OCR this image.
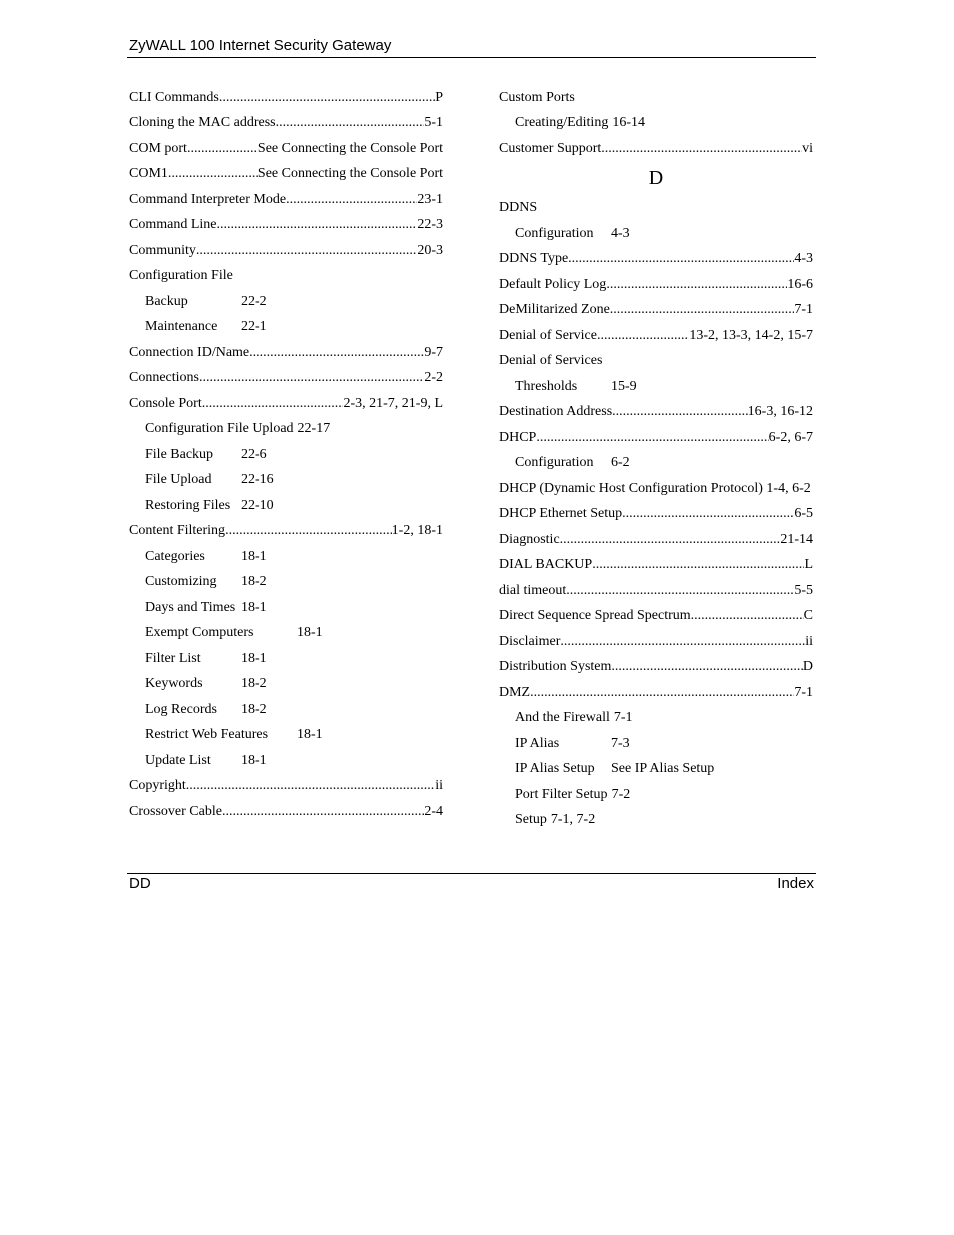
ZyWALL 100 Internet Security Gateway
CLI Commands .....	P
Cloning the MAC address .....	5-1
COM port .....	See Connecting the Console Port
COM1 .....	See Connecting the Console Port
Command Interpreter Mode .....	23-1
Command Line .....	22-3
Community .....	20-3
Configuration File
Backup	22-2
Maintenance	22-1
Connection ID/Name .....	9-7
Connections .....	2-2
Console Port .....	2-3, 21-7, 21-9, L
Configuration File Upload 22-17
File Backup	22-6
File Upload	22-16
Restoring Files 22-10
Content Filtering .....	1-2, 18-1
Categories	18-1
Customizing	18-2
Days and Times 18-1
Exempt Computers	18-1
Filter List	18-1
Keywords	18-2
Log Records	18-2
Restrict Web Features	18-1
Update List	18-1
Copyright .....	ii
Crossover Cable .....	2-4
Custom Ports
Creating/Editing 16-14
Customer Support .....	vi
D
DDNS
Configuration	4-3
DDNS Type .....	4-3
Default Policy Log .....	16-6
DeMilitarized Zone .....	7-1
Denial of Service .....	13-2, 13-3, 14-2, 15-7
Denial of Services
Thresholds	15-9
Destination Address .....	16-3, 16-12
DHCP .....	6-2, 6-7
Configuration	6-2
DHCP (Dynamic Host Configuration Protocol) 1-4, 6-2
DHCP Ethernet Setup .....	6-5
Diagnostic .....	21-14
DIAL BACKUP .....	L
dial timeout .....	5-5
Direct Sequence Spread Spectrum .....	C
Disclaimer .....	ii
Distribution System .....	D
DMZ .....	7-1
And the Firewall 7-1
IP Alias	7-3
IP Alias Setup	See IP Alias Setup
Port Filter Setup 7-2
Setup 7-1, 7-2
DD	Index
